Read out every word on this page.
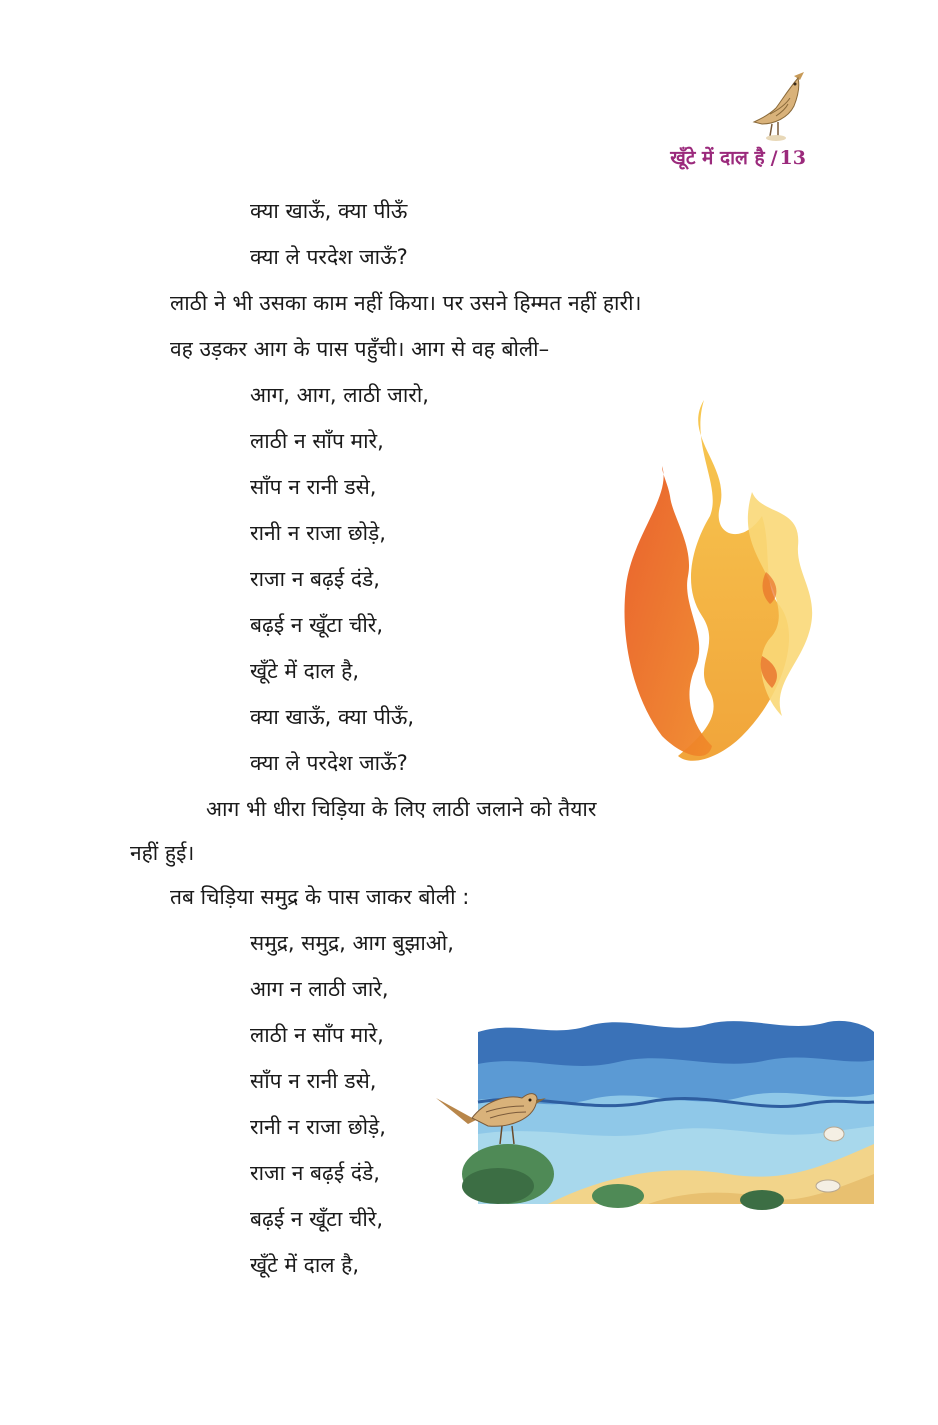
खूँटे में दाल है / 13
क्या खाऊँ, क्या पीऊँ
क्या ले परदेश जाऊँ?
लाठी ने भी उसका काम नहीं किया। पर उसने हिम्मत नहीं हारी।
वह उड़कर आग के पास पहुँची। आग से वह बोली–
आग, आग, लाठी जारो,
लाठी न साँप मारे,
साँप न रानी डसे,
रानी न राजा छोड़े,
राजा न बढ़ई दंडे,
बढ़ई न खूँटा चीरे,
खूँटे में दाल है,
क्या खाऊँ, क्या पीऊँ,
क्या ले परदेश जाऊँ?
आग भी धीरा चिड़िया के लिए लाठी जलाने को तैयार
नहीं हुई।
तब चिड़िया समुद्र के पास जाकर बोली :
समुद्र, समुद्र, आग बुझाओ,
आग न लाठी जारे,
लाठी न साँप मारे,
साँप न रानी डसे,
रानी न राजा छोड़े,
राजा न बढ़ई दंडे,
बढ़ई न खूँटा चीरे,
खूँटे में दाल है,
